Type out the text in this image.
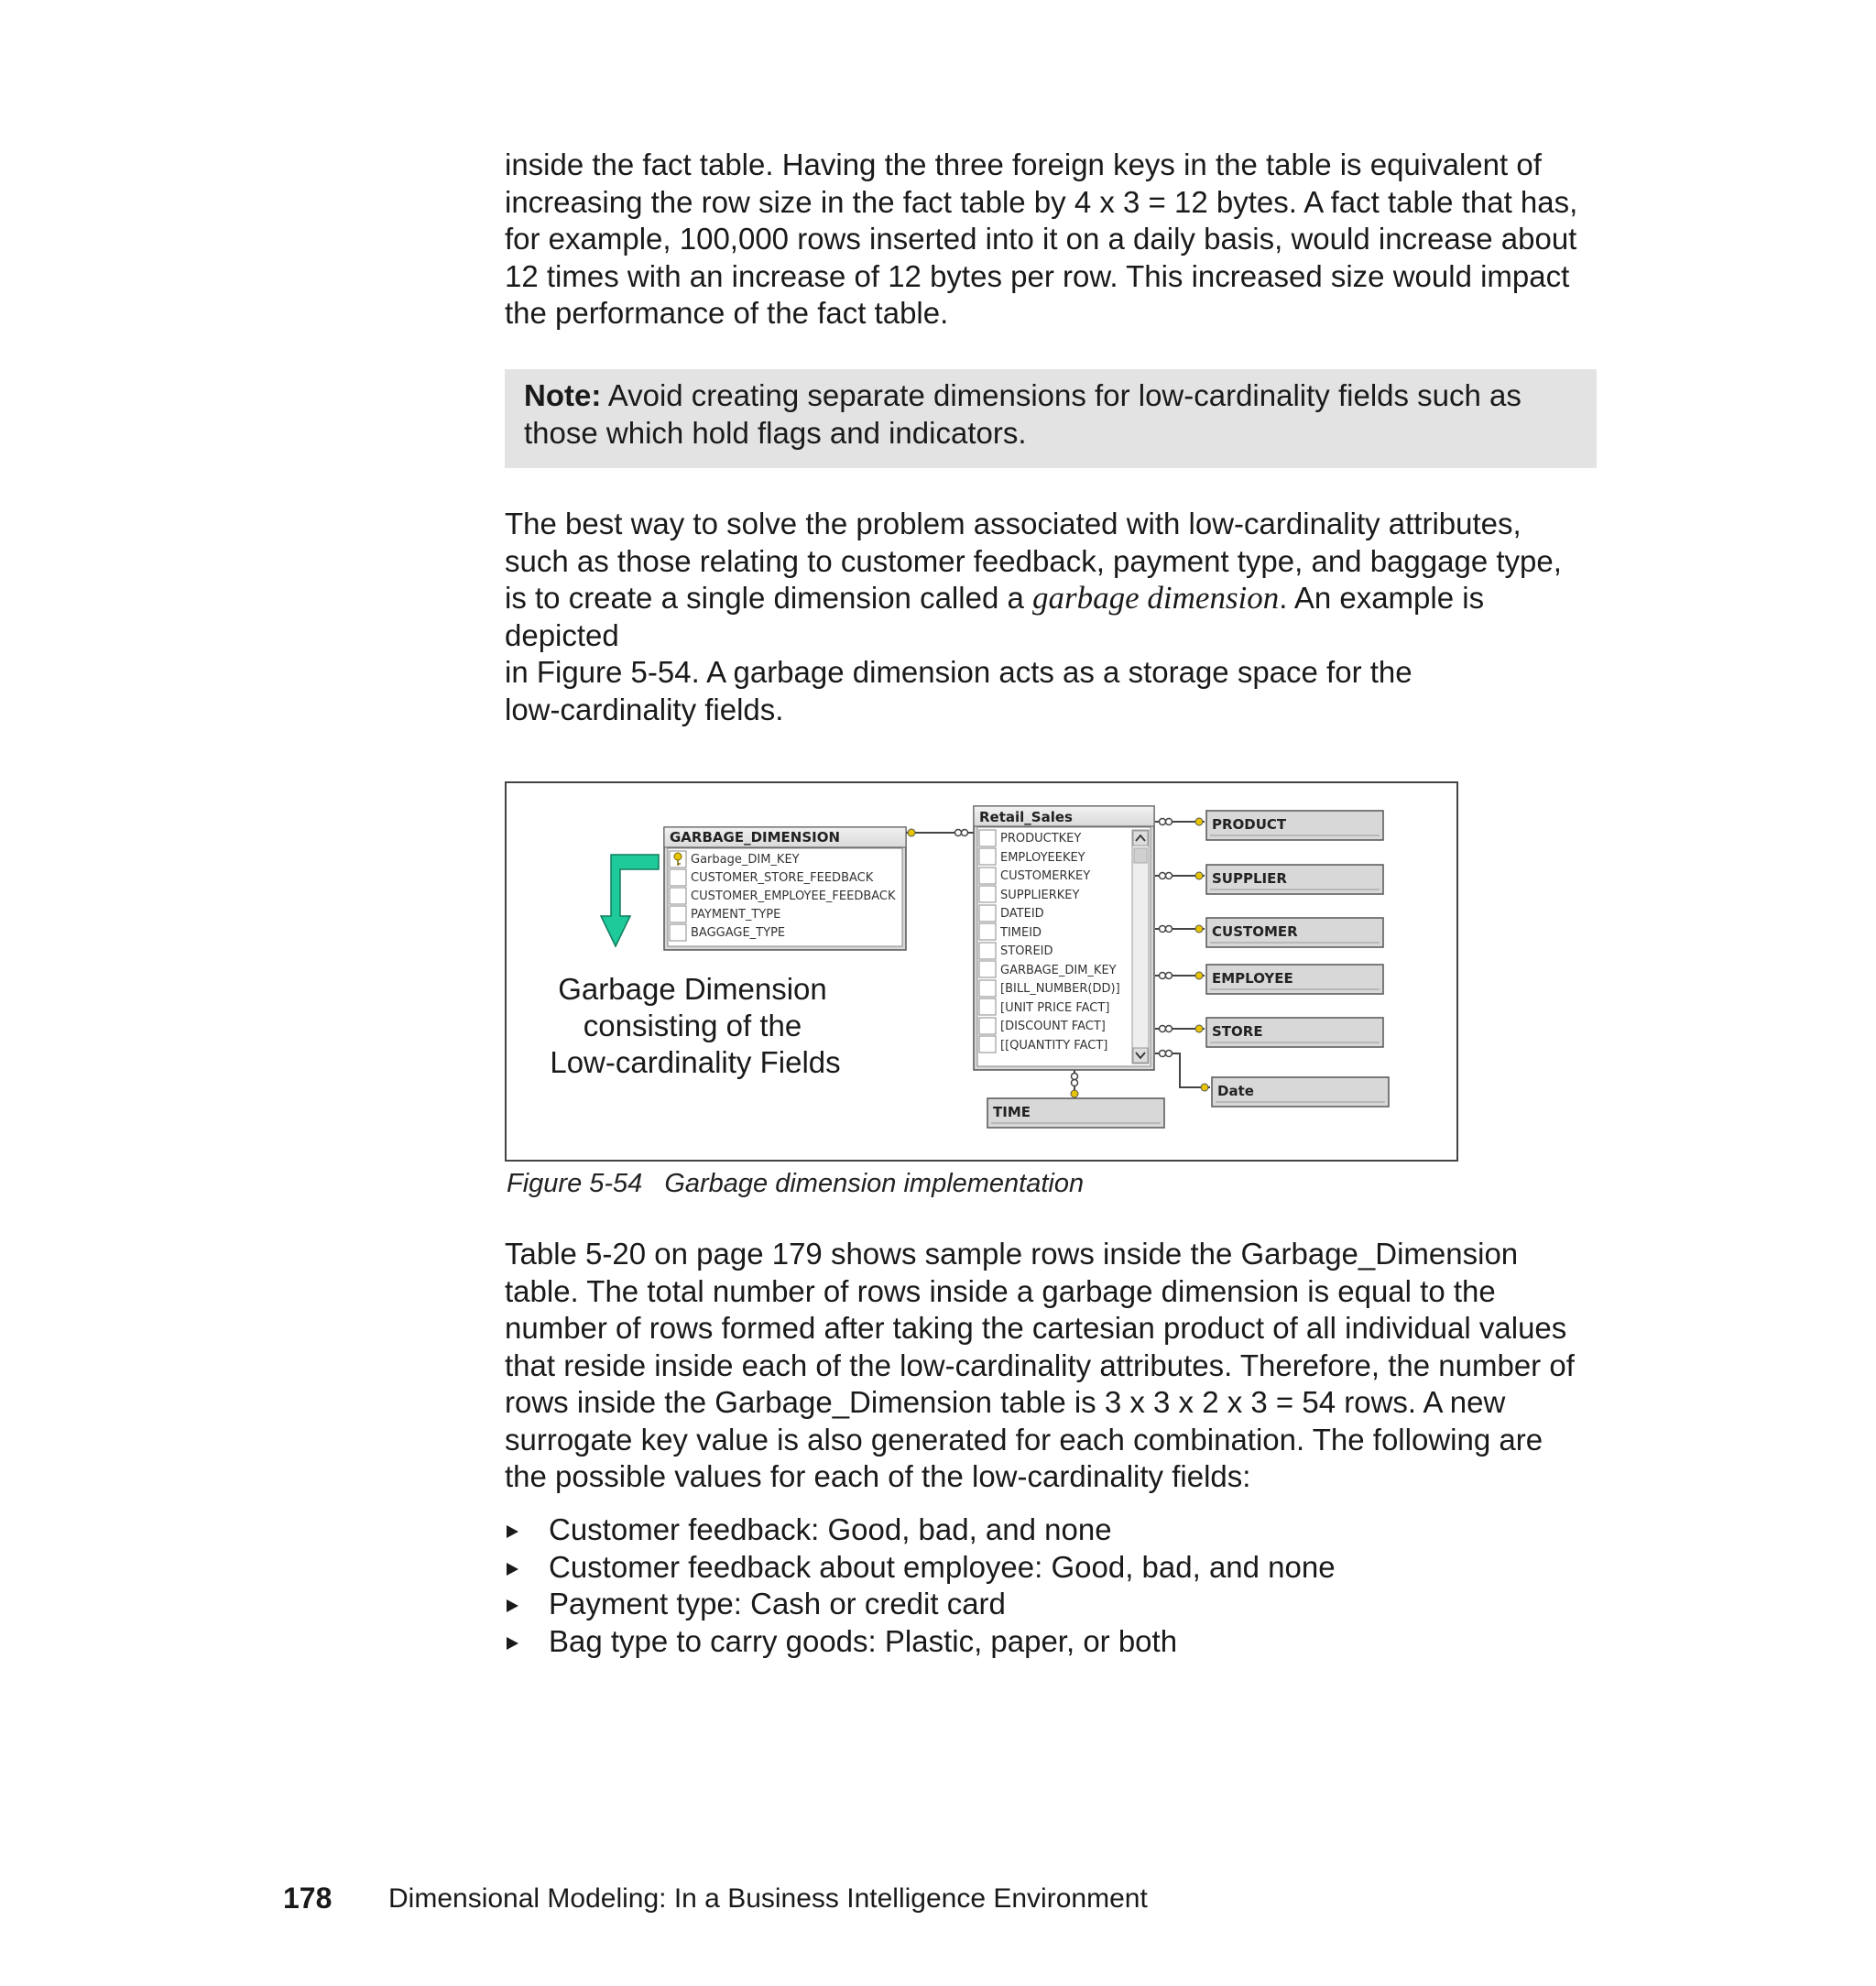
inside the fact table. Having the three foreign keys in the table is equivalent of
increasing the row size in the fact table by 4 x 3 = 12 bytes. A fact table that has,
for example, 100,000 rows inserted into it on a daily basis, would increase about
12 times with an increase of 12 bytes per row. This increased size would impact
the performance of the fact table.

Note: Avoid creating separate dimensions for low-cardinality fields such as
those which hold flags and indicators.

The best way to solve the problem associated with low-cardinality attributes,
such as those relating to customer feedback, payment type, and baggage type,
is to create a single dimension called a garbage dimension. An example is
depicted
in Figure 5-54. A garbage dimension acts as a storage space for the
low-cardinality fields.

GARBAGE_DIMENSION
Garbage_DIM_KEY
CUSTOMER_STORE_FEEDBACK
CUSTOMER_EMPLOYEE_FEEDBACK
PAYMENT_TYPE
BAGGAGE_TYPE
Garbage Dimension
consisting of the
Low-cardinality Fields
Retail_Sales
PRODUCTKEY
EMPLOYEEKEY
CUSTOMERKEY
SUPPLIERKEY
DATEID
TIMEID
STOREID
GARBAGE_DIM_KEY
[BILL_NUMBER(DD)]
[UNIT PRICE FACT]
[DISCOUNT FACT]
[[QUANTITY FACT]
PRODUCT
SUPPLIER
CUSTOMER
EMPLOYEE
STORE
Date
TIME
Figure 5-54 Garbage dimension implementation

Table 5-20 on page 179 shows sample rows inside the Garbage_Dimension
table. The total number of rows inside a garbage dimension is equal to the
number of rows formed after taking the cartesian product of all individual values
that reside inside each of the low-cardinality attributes. Therefore, the number of
rows inside the Garbage_Dimension table is 3 x 3 x 2 x 3 = 54 rows. A new
surrogate key value is also generated for each combination. The following are
the possible values for each of the low-cardinality fields:

Customer feedback: Good, bad, and none
Customer feedback about employee: Good, bad, and none
Payment type: Cash or credit card
Bag type to carry goods: Plastic, paper, or both
178 Dimensional Modeling: In a Business Intelligence Environment
